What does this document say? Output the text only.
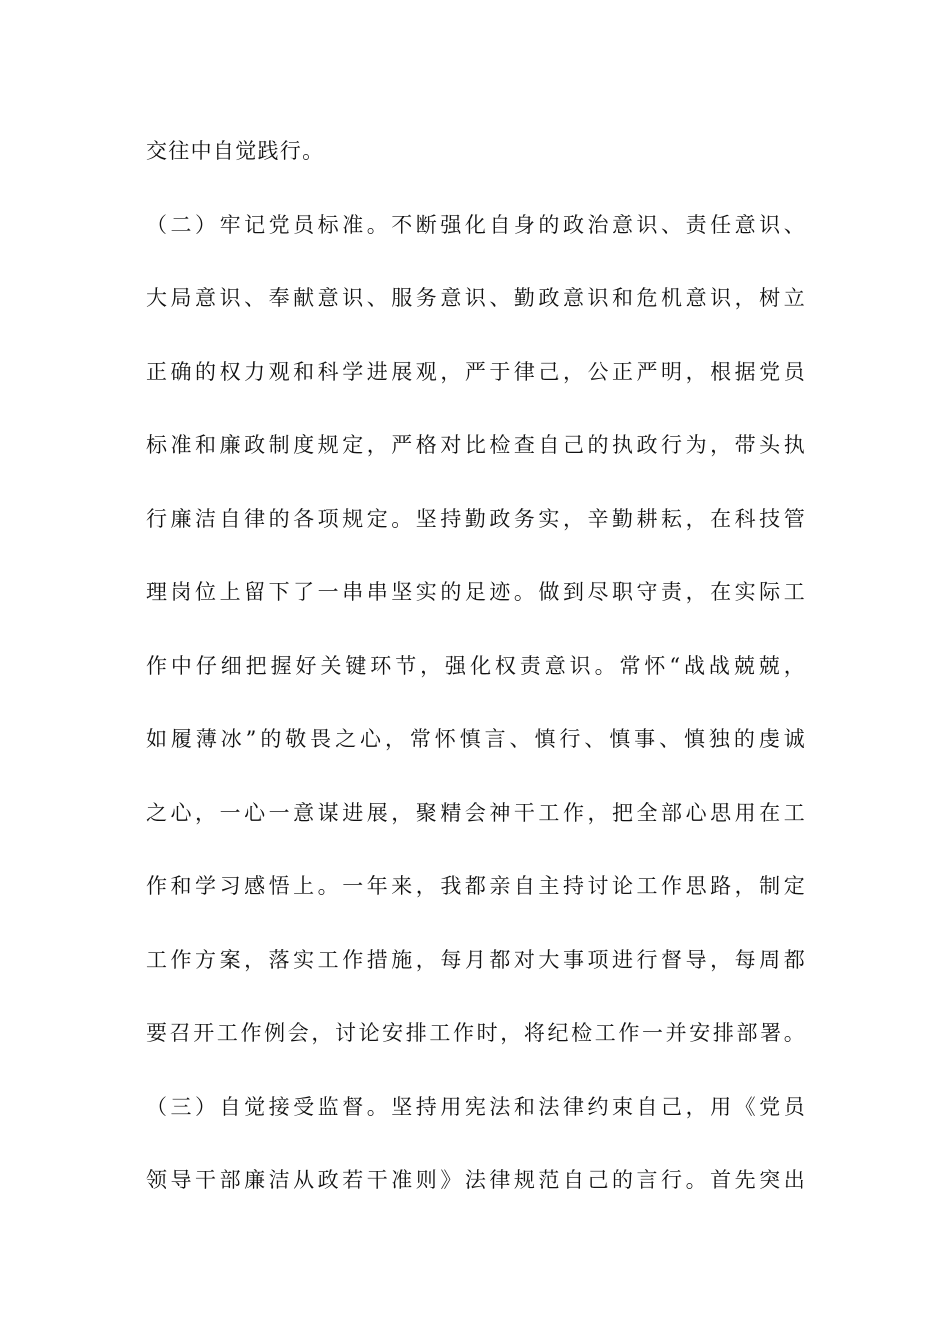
交往中自觉践行。
（二）牢记党员标准。不断强化自身的政治意识、责任意识、
大局意识、奉献意识、服务意识、勤政意识和危机意识，树立
正确的权力观和科学进展观，严于律己，公正严明，根据党员
标准和廉政制度规定，严格对比检查自己的执政行为，带头执
行廉洁自律的各项规定。坚持勤政务实，辛勤耕耘，在科技管
理岗位上留下了一串串坚实的足迹。做到尽职守责，在实际工
作中仔细把握好关键环节，强化权责意识。常怀“战战兢兢，
如履薄冰”的敬畏之心，常怀慎言、慎行、慎事、慎独的虔诚
之心，一心一意谋进展，聚精会神干工作，把全部心思用在工
作和学习感悟上。一年来，我都亲自主持讨论工作思路，制定
工作方案，落实工作措施，每月都对大事项进行督导，每周都
要召开工作例会，讨论安排工作时，将纪检工作一并安排部署。
（三）自觉接受监督。坚持用宪法和法律约束自己，用《党员
领导干部廉洁从政若干准则》法律规范自己的言行。首先突出
